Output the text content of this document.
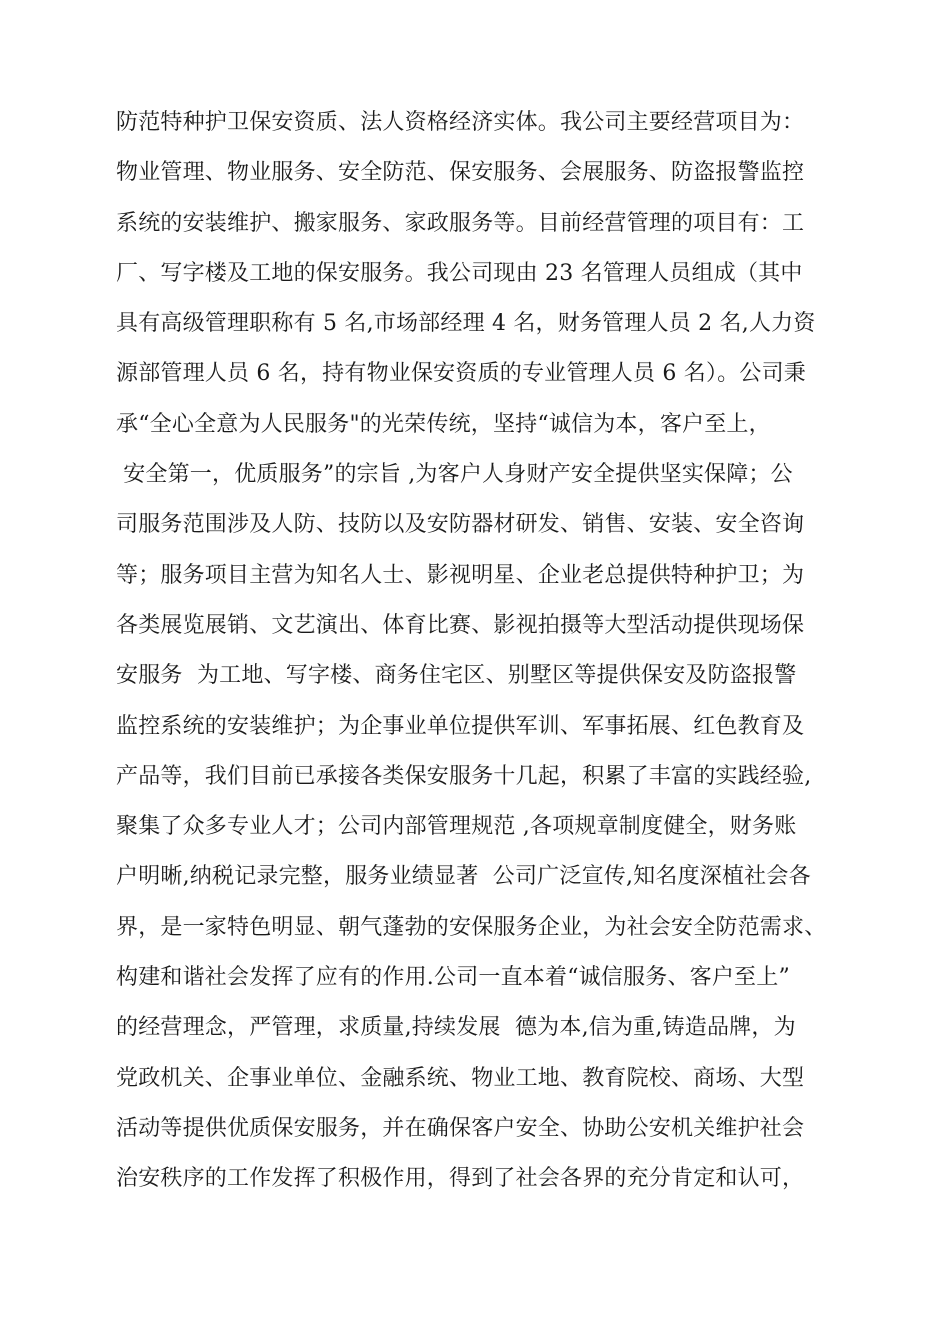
防范特种护卫保安资质、法人资格经济实体。我公司主要经营项目为：
物业管理、物业服务、安全防范、保安服务、会展服务、防盗报警监控
系统的安装维护、搬家服务、家政服务等。目前经营管理的项目有：工
厂、写字楼及工地的保安服务。我公司现由 23 名管理人员组成（其中
具有高级管理职称有 5 名,市场部经理 4 名，财务管理人员 2 名,人力资
源部管理人员 6 名，持有物业保安资质的专业管理人员 6 名）。公司秉
承“全心全意为人民服务"的光荣传统，坚持“诚信为本，客户至上，
安全第一，优质服务”的宗旨 ,为客户人身财产安全提供坚实保障；公
司服务范围涉及人防、技防以及安防器材研发、销售、安装、安全咨询
等；服务项目主营为知名人士、影视明星、企业老总提供特种护卫；为
各类展览展销、文艺演出、体育比赛、影视拍摄等大型活动提供现场保
安服务  为工地、写字楼、商务住宅区、别墅区等提供保安及防盗报警
监控系统的安装维护；为企事业单位提供军训、军事拓展、红色教育及
产品等，我们目前已承接各类保安服务十几起，积累了丰富的实践经验,
聚集了众多专业人才；公司内部管理规范 ,各项规章制度健全，财务账
户明晰,纳税记录完整，服务业绩显著  公司广泛宣传,知名度深植社会各
界，是一家特色明显、朝气蓬勃的安保服务企业，为社会安全防范需求、
构建和谐社会发挥了应有的作用.公司一直本着“诚信服务、客户至上”
的经营理念，严管理，求质量,持续发展  德为本,信为重,铸造品牌，为
党政机关、企事业单位、金融系统、物业工地、教育院校、商场、大型
活动等提供优质保安服务，并在确保客户安全、协助公安机关维护社会
治安秩序的工作发挥了积极作用，得到了社会各界的充分肯定和认可，
